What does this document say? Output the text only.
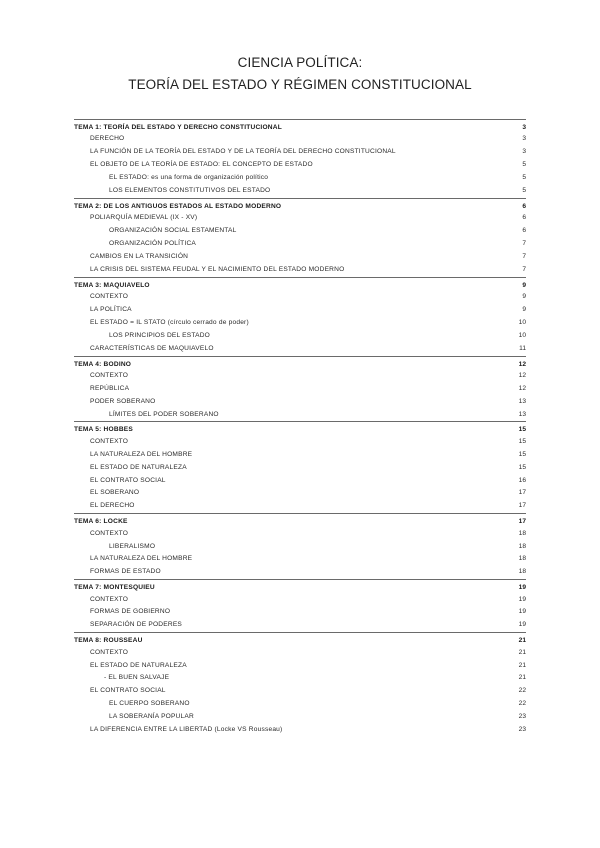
CIENCIA POLÍTICA:
TEORÍA DEL ESTADO Y RÉGIMEN CONSTITUCIONAL
TEMA 1: TEORÍA DEL ESTADO Y DERECHO CONSTITUCIONAL	3
DERECHO	3
LA FUNCIÓN DE LA TEORÍA DEL ESTADO Y DE LA TEORÍA DEL DERECHO CONSTITUCIONAL	3
EL OBJETO DE LA TEORÍA DE ESTADO: EL CONCEPTO DE ESTADO	5
EL ESTADO: es una forma de organización político	5
LOS ELEMENTOS CONSTITUTIVOS DEL ESTADO	5
TEMA 2: DE LOS ANTIGUOS ESTADOS AL ESTADO MODERNO	6
POLIARQUÍA MEDIEVAL (IX - XV)	6
ORGANIZACIÓN SOCIAL ESTAMENTAL	6
ORGANIZACIÓN POLÍTICA	7
CAMBIOS EN LA TRANSICIÓN	7
LA CRISIS DEL SISTEMA FEUDAL Y EL NACIMIENTO DEL ESTADO MODERNO	7
TEMA 3: MAQUIAVELO	9
CONTEXTO	9
LA POLÍTICA	9
EL ESTADO = IL STATO (círculo cerrado de poder)	10
LOS PRINCIPIOS DEL ESTADO	10
CARACTERÍSTICAS DE MAQUIAVELO	11
TEMA 4: BODINO	12
CONTEXTO	12
REPÚBLICA	12
PODER SOBERANO	13
LÍMITES DEL PODER SOBERANO	13
TEMA 5: HOBBES	15
CONTEXTO	15
LA NATURALEZA DEL HOMBRE	15
EL ESTADO DE NATURALEZA	15
EL CONTRATO SOCIAL	16
EL SOBERANO	17
EL DERECHO	17
TEMA 6: LOCKE	17
CONTEXTO	18
LIBERALISMO	18
LA NATURALEZA DEL HOMBRE	18
FORMAS DE ESTADO	18
TEMA 7: MONTESQUIEU	19
CONTEXTO	19
FORMAS DE GOBIERNO	19
SEPARACIÓN DE PODERES	19
TEMA 8: ROUSSEAU	21
CONTEXTO	21
EL ESTADO DE NATURALEZA	21
- EL BUEN SALVAJE	21
EL CONTRATO SOCIAL	22
EL CUERPO SOBERANO	22
LA SOBERANÍA POPULAR	23
LA DIFERENCIA ENTRE LA LIBERTAD (Locke VS Rousseau)	23
